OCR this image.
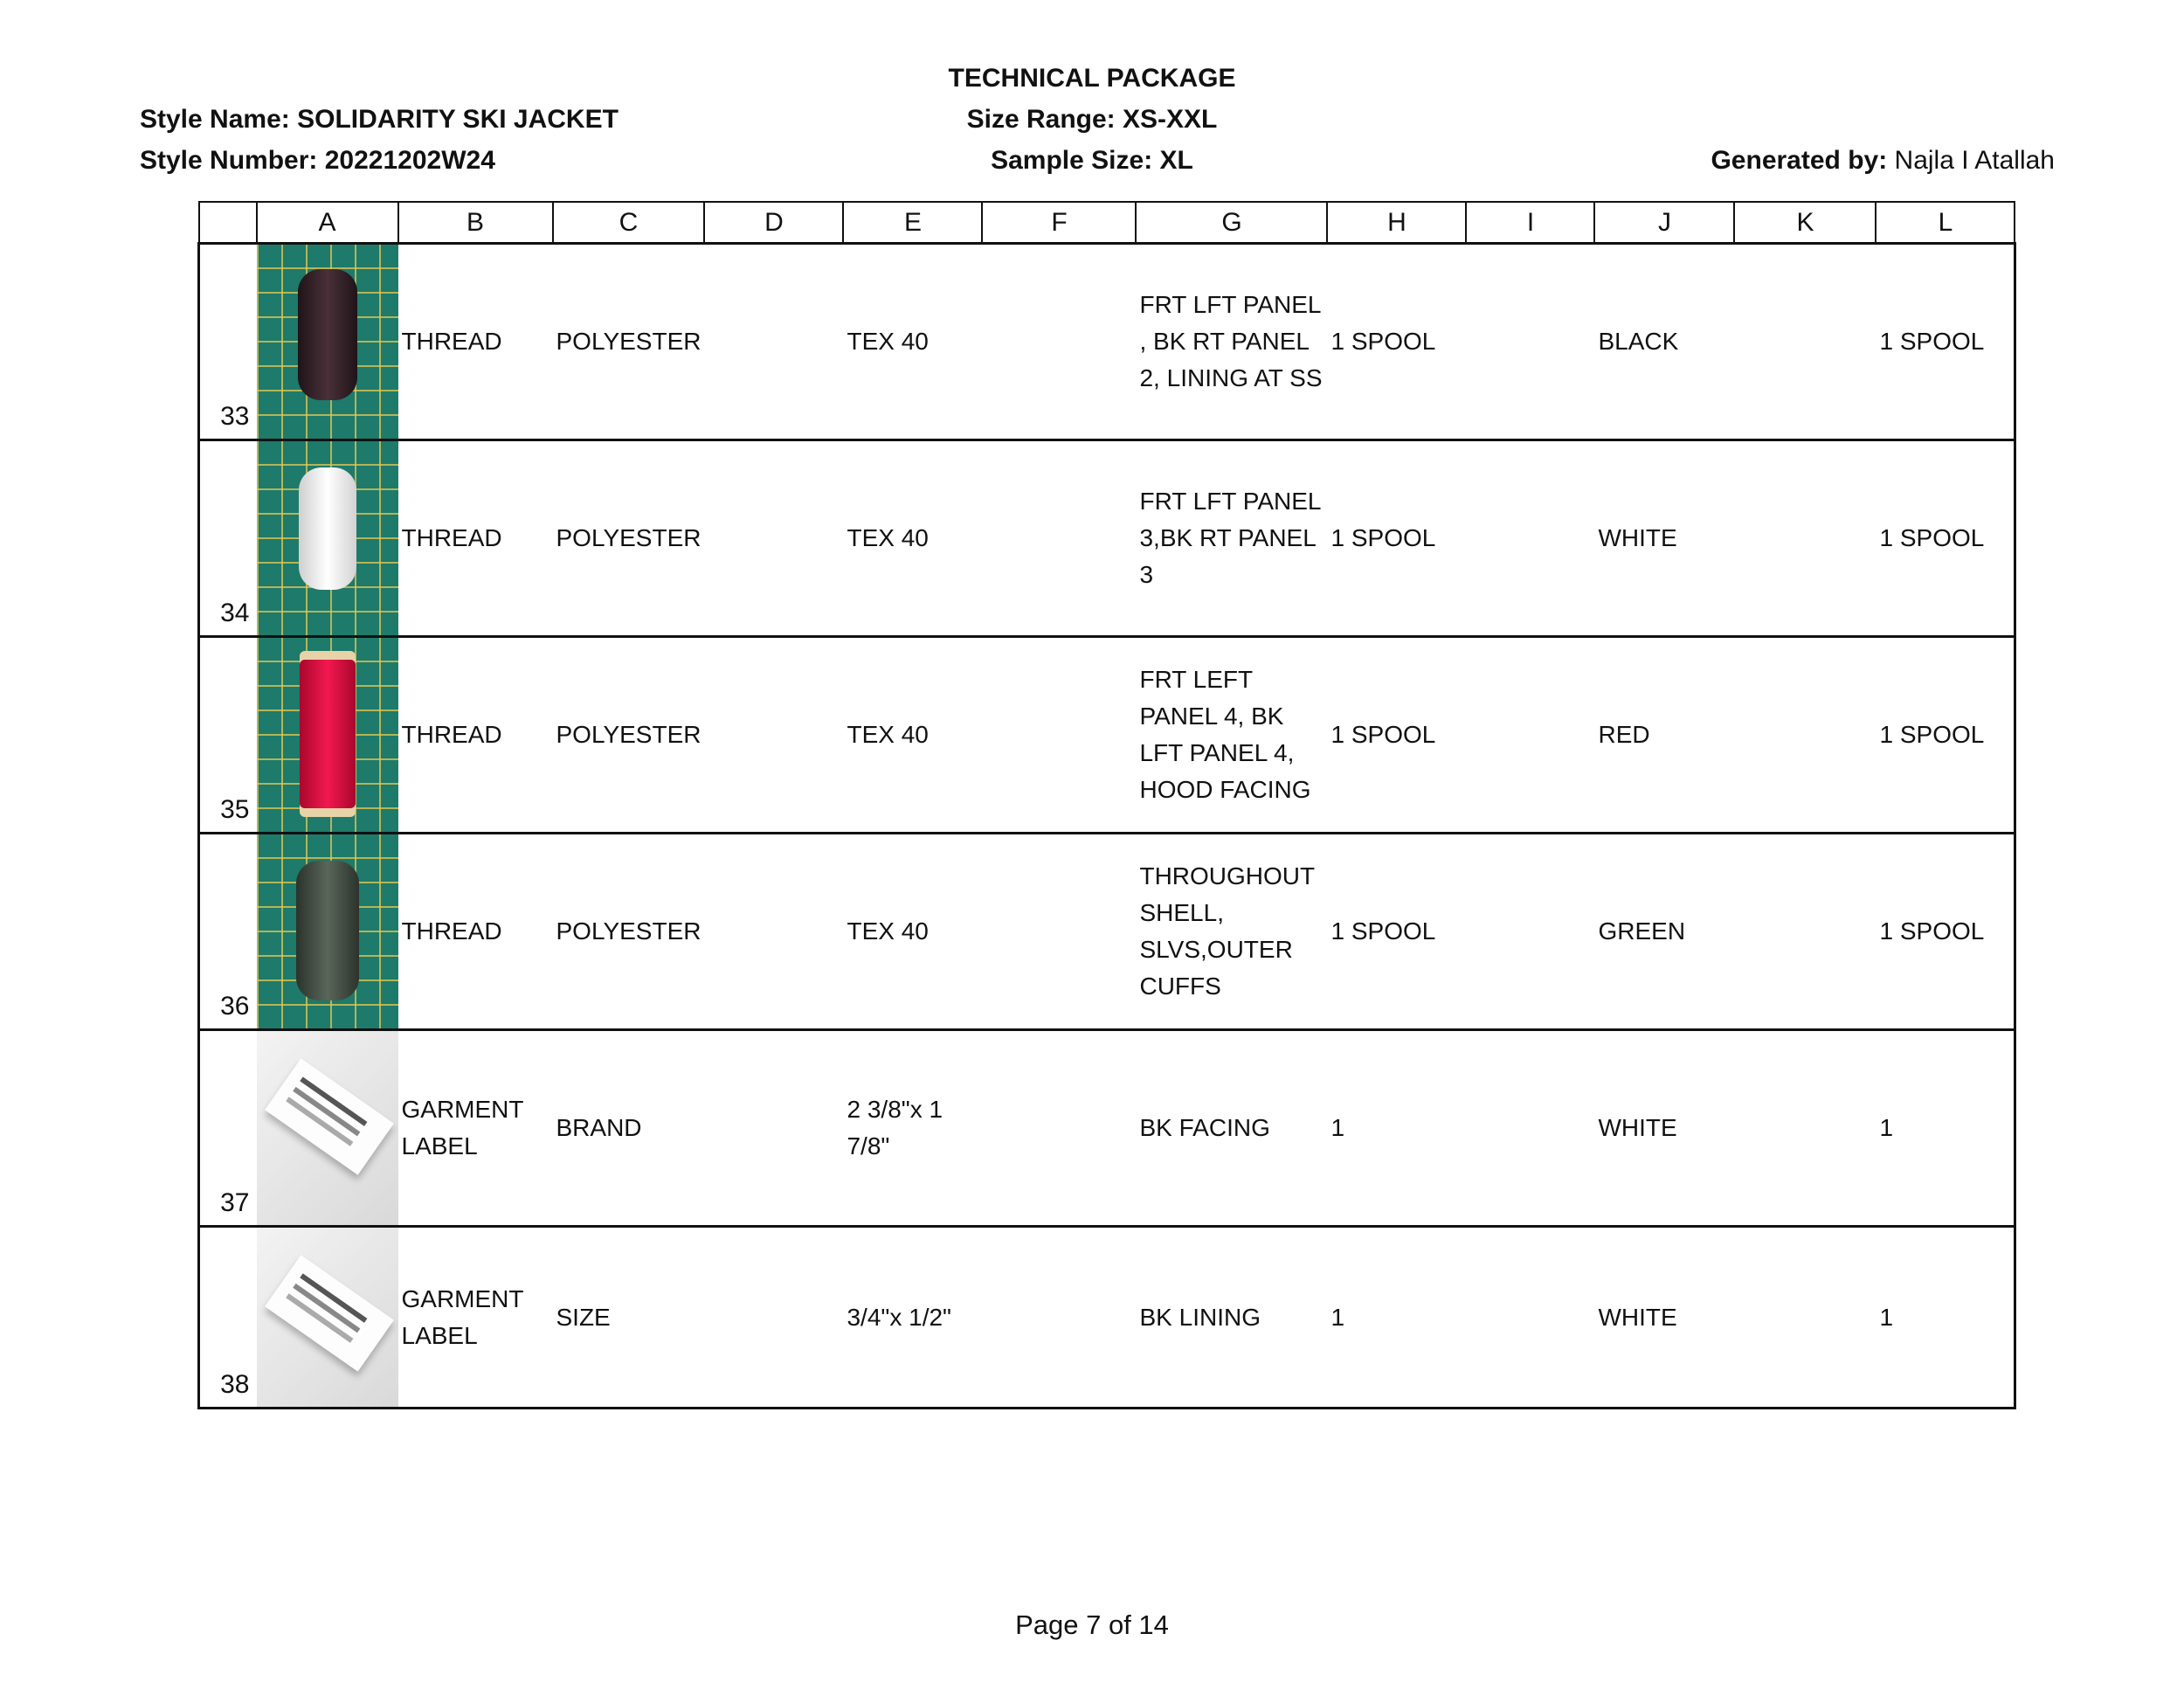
TECHNICAL PACKAGE
Size Range: XS-XXL
Sample Size: XL
Style Name: SOLIDARITY SKI JACKET
Style Number: 20221202W24	Generated by: Najla I Atallah
	A	B	C	D	E	F	G	H	I	J	K	L
33		THREAD	POLYESTER		TEX 40		FRT LFT PANEL , BK RT PANEL 2, LINING AT SS	1 SPOOL		BLACK		1 SPOOL
34		THREAD	POLYESTER		TEX 40		FRT LFT PANEL 3,BK RT PANEL 3	1 SPOOL		WHITE		1 SPOOL
35		THREAD	POLYESTER		TEX 40		FRT LEFT PANEL 4, BK LFT PANEL 4, HOOD FACING	1 SPOOL		RED		1 SPOOL
36		THREAD	POLYESTER		TEX 40		THROUGHOUT SHELL, SLVS,OUTER CUFFS	1 SPOOL		GREEN		1 SPOOL
37		GARMENT LABEL	BRAND		2 3/8"x 1 7/8"		BK FACING	1		WHITE		1
38		GARMENT LABEL	SIZE		3/4"x 1/2"		BK LINING	1		WHITE		1
Page 7 of 14
